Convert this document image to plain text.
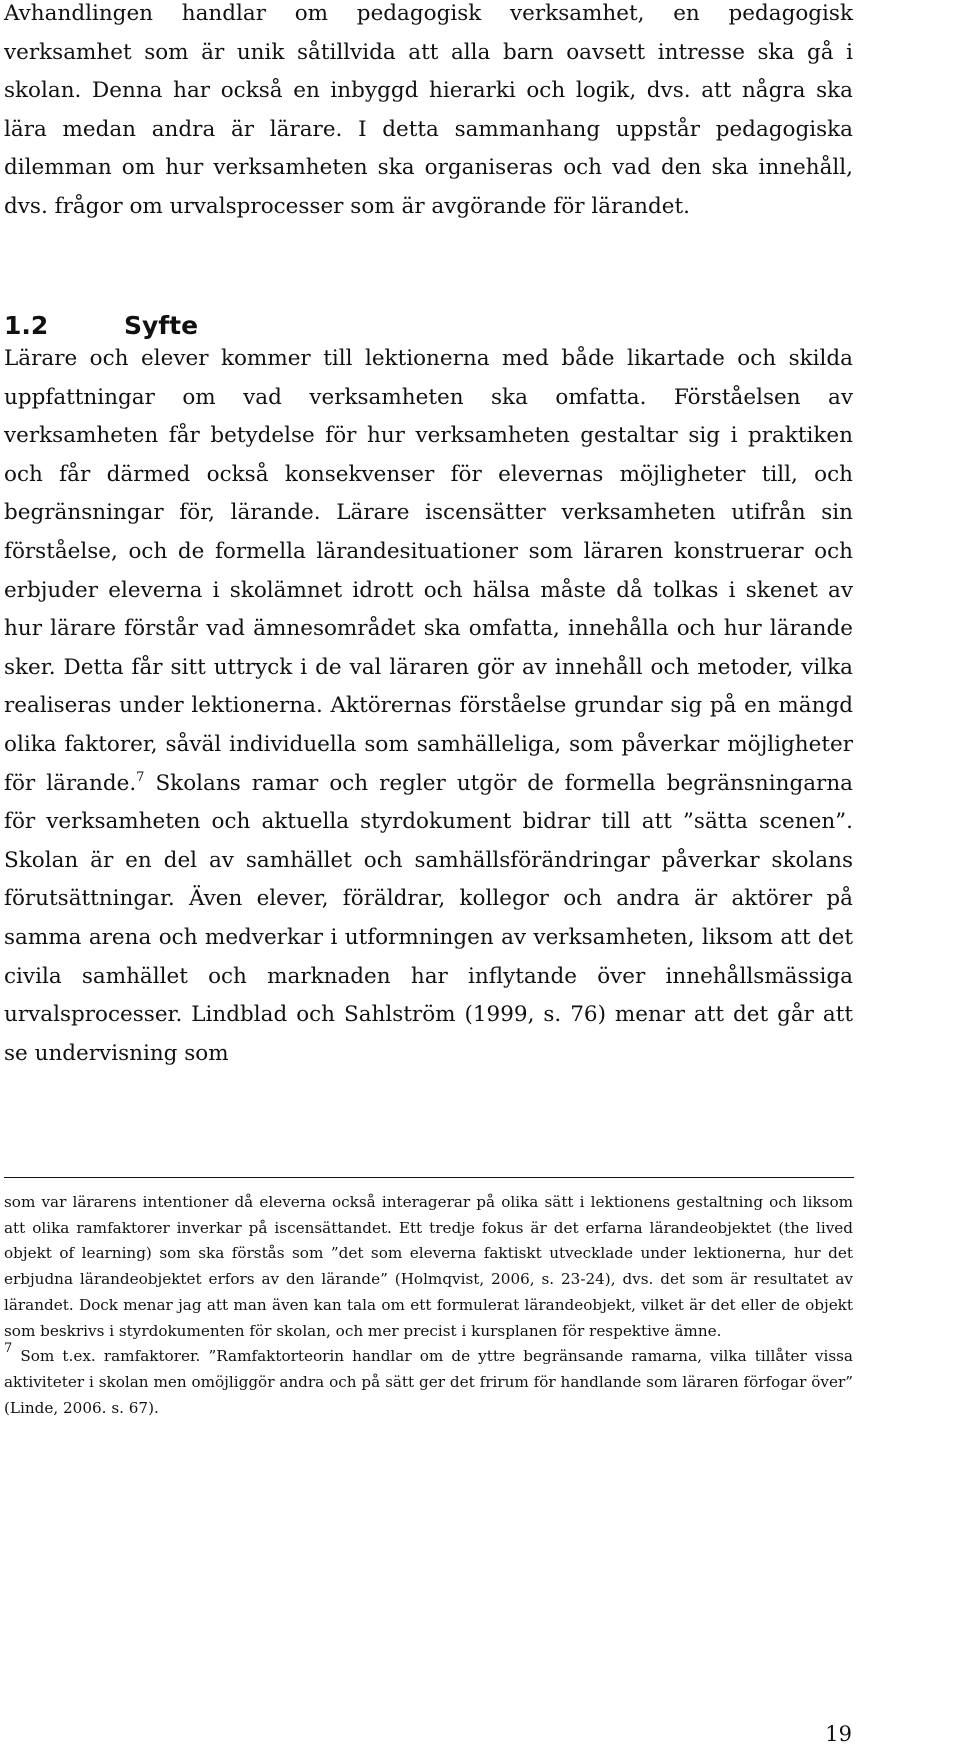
Avhandlingen handlar om pedagogisk verksamhet, en pedagogisk verksamhet som är unik såtillvida att alla barn oavsett intresse ska gå i skolan. Denna har också en inbyggd hierarki och logik, dvs. att några ska lära medan andra är lärare. I detta sammanhang uppstår pedagogiska dilemman om hur verksamheten ska organiseras och vad den ska innehåll, dvs. frågor om urvalsprocesser som är avgörande för lärandet.
1.2	Syfte
Lärare och elever kommer till lektionerna med både likartade och skilda uppfattningar om vad verksamheten ska omfatta. Förståelsen av verksamheten får betydelse för hur verksamheten gestaltar sig i praktiken och får därmed också konsekvenser för elevernas möjligheter till, och begränsningar för, lärande. Lärare iscensätter verksamheten utifrån sin förståelse, och de formella lärandesituationer som läraren konstruerar och erbjuder eleverna i skolämnet idrott och hälsa måste då tolkas i skenet av hur lärare förstår vad ämnesområdet ska omfatta, innehålla och hur lärande sker. Detta får sitt uttryck i de val läraren gör av innehåll och metoder, vilka realiseras under lektionerna. Aktörernas förståelse grundar sig på en mängd olika faktorer, såväl individuella som samhälleliga, som påverkar möjligheter för lärande.$^7$ Skolans ramar och regler utgör de formella begränsningarna för verksamheten och aktuella styrdokument bidrar till att ”sätta scenen”. Skolan är en del av samhället och samhällsförändringar påverkar skolans förutsättningar. Även elever, föräldrar, kollegor och andra är aktörer på samma arena och medverkar i utformningen av verksamheten, liksom att det civila samhället och marknaden har inflytande över innehållsmässiga urvalsprocesser. Lindblad och Sahlström (1999, s. 76) menar att det går att se undervisning som

som var lärarens intentioner då eleverna också interagerar på olika sätt i lektionens gestaltning och liksom att olika ramfaktorer inverkar på iscensättandet. Ett tredje fokus är det erfarna lärandeobjektet (the lived objekt of learning) som ska förstås som ”det som eleverna faktiskt utvecklade under lektionerna, hur det erbjudna lärandeobjektet erfors av den lärande” (Holmqvist, 2006, s. 23-24), dvs. det som är resultatet av lärandet. Dock menar jag att man även kan tala om ett formulerat lärandeobjekt, vilket är det eller de objekt som beskrivs i styrdokumenten för skolan, och mer precist i kursplanen för respektive ämne.

$^7$ Som t.ex. ramfaktorer. ”Ramfaktorteorin handlar om de yttre begränsande ramarna, vilka tillåter vissa aktiviteter i skolan men omöjliggör andra och på sätt ger det frirum för handlande som läraren förfogar över” (Linde, 2006. s. 67).

19
